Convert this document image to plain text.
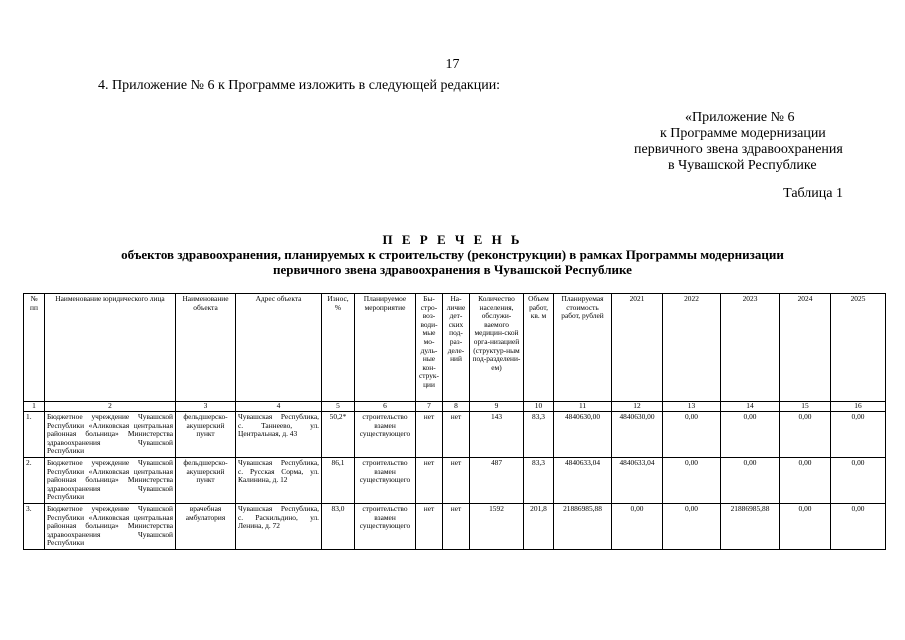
17
4. Приложение № 6 к Программе изложить в следующей редакции:
«Приложение № 6
к Программе модернизации
первичного звена здравоохранения
в Чувашской Республике
Таблица 1
П Е Р Е Ч Е Н Ь
объектов здравоохранения, планируемых к строительству (реконструкции) в рамках Программы модернизации
первичного звена здравоохранения в Чувашской Республике
№ пп	Наименование юридического лица	Наименование объекта	Адрес объекта	Износ, %	Планируемое мероприятие	Бы-стро-воз-води-мые мо-дуль-ные кон-струк-ции	На-личие дет-ских под-раз-деле-ний	Количество населения, обслужи-ваемого медицин-ской орга-низацией (структур-ным под-разделени-ем)	Объем работ, кв. м	Планируемая стоимость работ, рублей	2021	2022	2023	2024	2025
1	2	3	4	5	6	7	8	9	10	11	12	13	14	15	16
1.	Бюджетное учреждение Чувашской Республики «Аликовская центральная районная больница» Министерства здравоохранения Чувашской Республики	фельдшерско-акушерский пункт	Чувашская Республика, с. Таннеево, ул. Центральная, д. 43	50,2*	строительство взамен существующего	нет	нет	143	83,3	4840630,00	4840630,00	0,00	0,00	0,00	0,00
2.	Бюджетное учреждение Чувашской Республики «Аликовская центральная районная больница» Министерства здравоохранения Чувашской Республики	фельдшерско-акушерский пункт	Чувашская Республика, с. Русская Сорма, ул. Калинина, д. 12	86,1	строительство взамен существующего	нет	нет	487	83,3	4840633,04	4840633,04	0,00	0,00	0,00	0,00
3.	Бюджетное учреждение Чувашской Республики «Аликовская центральная районная больница» Министерства здравоохранения Чувашской Республики	врачебная амбулатория	Чувашская Республика, с. Раскильдино, ул. Ленина, д. 72	83,0	строительство взамен существующего	нет	нет	1592	201,8	21886985,88	0,00	0,00	21886985,88	0,00	0,00
